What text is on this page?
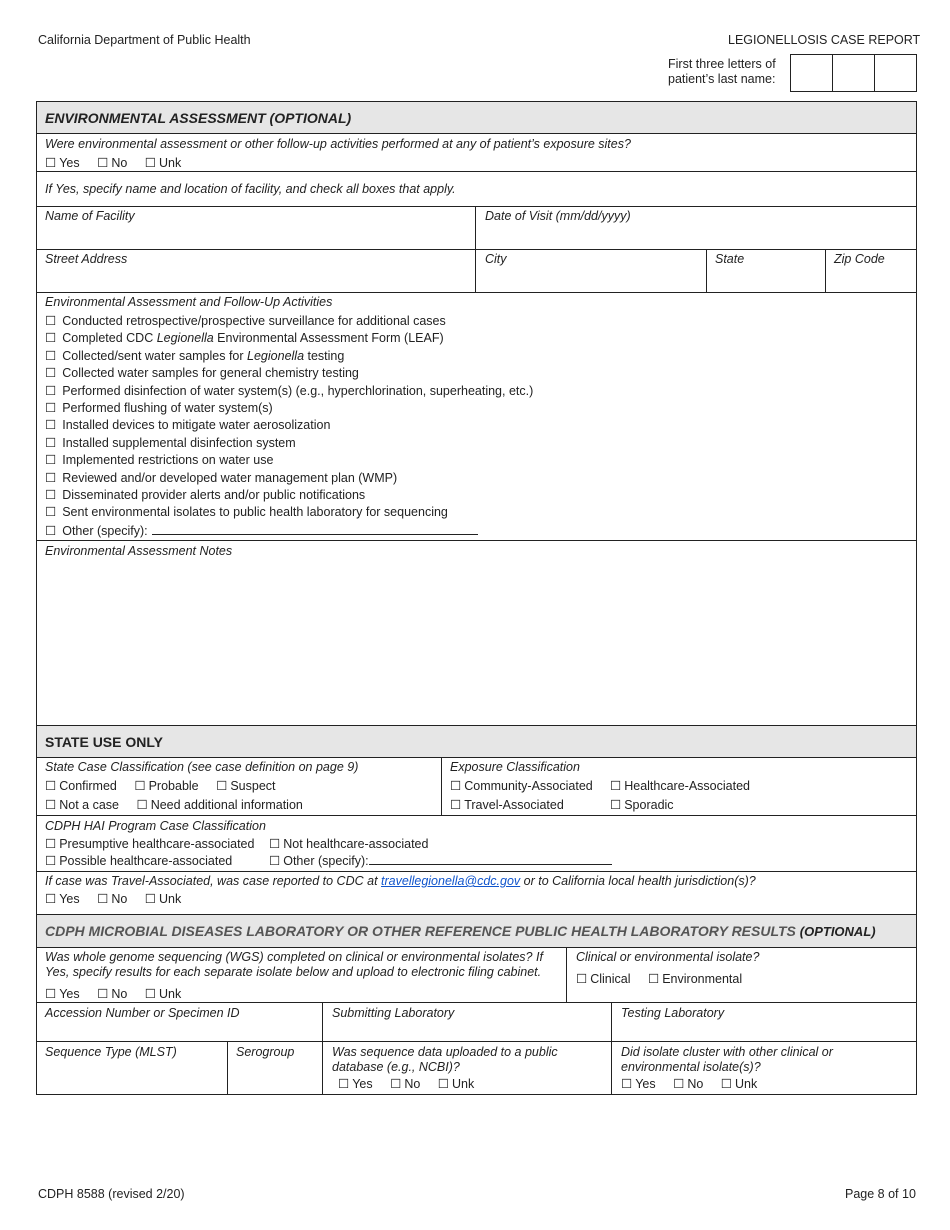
California Department of Public Health	LEGIONELLOSIS CASE REPORT
First three letters of
patient’s last name:
ENVIRONMENTAL ASSESSMENT (OPTIONAL)
Were environmental assessment or other follow-up activities performed at any of patient’s exposure sites?
☐ Yes	☐ No	☐ Unk
If Yes, specify name and location of facility, and check all boxes that apply.
Name of Facility	Date of Visit (mm/dd/yyyy)
Street Address	City	State	Zip Code
Environmental Assessment and Follow-Up Activities
☐ Conducted retrospective/prospective surveillance for additional cases
☐ Completed CDC Legionella Environmental Assessment Form (LEAF)
☐ Collected/sent water samples for Legionella testing
☐ Collected water samples for general chemistry testing
☐ Performed disinfection of water system(s) (e.g., hyperchlorination, superheating, etc.)
☐ Performed flushing of water system(s)
☐ Installed devices to mitigate water aerosolization
☐ Installed supplemental disinfection system
☐ Implemented restrictions on water use
☐ Reviewed and/or developed water management plan (WMP)
☐ Disseminated provider alerts and/or public notifications
☐ Sent environmental isolates to public health laboratory for sequencing
☐ Other (specify):
Environmental Assessment Notes
STATE USE ONLY
State Case Classification (see case definition on page 9)
☐ Confirmed	☐ Probable	☐ Suspect
☐ Not a case	☐ Need additional information
Exposure Classification
☐ Community-Associated	☐ Healthcare-Associated
☐ Travel-Associated	☐ Sporadic
CDPH HAI Program Case Classification
☐ Presumptive healthcare-associated	☐ Not healthcare-associated
☐ Possible healthcare-associated	☐ Other (specify):
If case was Travel-Associated, was case reported to CDC at travellegionella@cdc.gov or to California local health jurisdiction(s)?
☐ Yes	☐ No	☐ Unk
CDPH MICROBIAL DISEASES LABORATORY OR OTHER REFERENCE PUBLIC HEALTH LABORATORY RESULTS (OPTIONAL)
Was whole genome sequencing (WGS) completed on clinical or environmental isolates? If
Yes, specify results for each separate isolate below and upload to electronic filing cabinet.
☐ Yes	☐ No	☐ Unk
Clinical or environmental isolate?
☐ Clinical	☐ Environmental
Accession Number or Specimen ID	Submitting Laboratory	Testing Laboratory
Sequence Type (MLST)	Serogroup	Was sequence data uploaded to a public
database (e.g., NCBI)?
☐ Yes	☐ No	☐ Unk
Did isolate cluster with other clinical or
environmental isolate(s)?
☐ Yes	☐ No	☐ Unk
CDPH 8588 (revised 2/20)	Page 8 of 10
